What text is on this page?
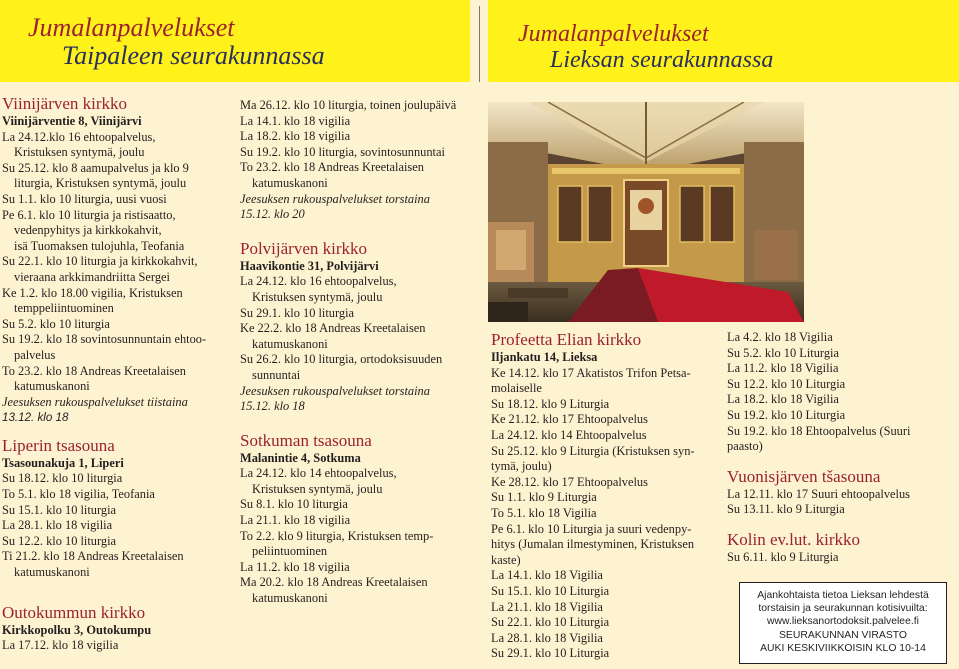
Jumalanpalvelukset
Taipaleen seurakunnassa
Jumalanpalvelukset
Lieksan seurakunnassa
Viinijärven kirkko
Viinijärventie 8, Viinijärvi
La 24.12.klo 16 ehtoopalvelus,
Kristuksen syntymä, joulu
Su 25.12. klo 8 aamupalvelus ja klo 9
liturgia, Kristuksen syntymä, joulu
Su 1.1. klo 10 liturgia, uusi vuosi
Pe 6.1. klo 10 liturgia ja ristisaatto,
vedenpyhitys ja kirkkokahvit,
isä Tuomaksen tulojuhla, Teofania
Su 22.1. klo 10 liturgia ja kirkkokahvit,
vieraana arkkimandriitta Sergei
Ke 1.2. klo 18.00 vigilia, Kristuksen
temppeliintuominen
Su 5.2. klo 10 liturgia
Su 19.2. klo 18 sovintosunnuntain ehtoo-
palvelus
To 23.2. klo 18 Andreas Kreetalaisen
katumuskanoni
Jeesuksen rukouspalvelukset tiistaina
13.12. klo 18
Liperin tsasouna
Tsasounakuja 1, Liperi
Su 18.12. klo 10 liturgia
To 5.1. klo 18 vigilia, Teofania
Su 15.1. klo 10 liturgia
La 28.1. klo 18 vigilia
Su 12.2. klo 10 liturgia
Ti 21.2. klo 18 Andreas Kreetalaisen
katumuskanoni
Outokummun kirkko
Kirkkopolku 3, Outokumpu
La 17.12. klo 18 vigilia
Ma 26.12. klo 10 liturgia, toinen joulupäivä
La 14.1. klo 18 vigilia
La 18.2. klo 18 vigilia
Su 19.2. klo 10 liturgia, sovintosunnuntai
To 23.2. klo 18 Andreas Kreetalaisen
katumuskanoni
Jeesuksen rukouspalvelukset torstaina
15.12. klo 20
Polvijärven kirkko
Haavikontie 31, Polvijärvi
La 24.12. klo 16 ehtoopalvelus,
Kristuksen syntymä, joulu
Su 29.1. klo 10 liturgia
Ke 22.2. klo 18 Andreas Kreetalaisen
katumuskanoni
Su 26.2. klo 10 liturgia, ortodoksisuuden
sunnuntai
Jeesuksen rukouspalvelukset torstaina
15.12. klo 18
Sotkuman tsasouna
Malanintie 4, Sotkuma
La 24.12. klo 14 ehtoopalvelus,
Kristuksen syntymä, joulu
Su 8.1. klo 10 liturgia
La 21.1. klo 18 vigilia
To 2.2. klo 9 liturgia, Kristuksen temp-
peliintuominen
La 11.2. klo 18 vigilia
Ma 20.2. klo 18 Andreas Kreetalaisen
katumuskanoni
Profeetta Elian kirkko
Iljankatu 14, Lieksa
Ke 14.12. klo 17 Akatistos Trifon Petsa-
molaiselle
Su 18.12. klo 9 Liturgia
Ke 21.12. klo 17 Ehtoopalvelus
La 24.12. klo 14 Ehtoopalvelus
Su 25.12. klo 9 Liturgia (Kristuksen syn-
tymä, joulu)
Ke 28.12. klo 17 Ehtoopalvelus
Su 1.1. klo 9 Liturgia
To 5.1. klo 18 Vigilia
Pe 6.1. klo 10 Liturgia ja suuri vedenpy-
hitys (Jumalan ilmestyminen, Kristuksen
kaste)
La 14.1. klo 18 Vigilia
Su 15.1. klo 10 Liturgia
La 21.1. klo 18 Vigilia
Su 22.1. klo 10 Liturgia
La 28.1. klo 18 Vigilia
Su 29.1. klo 10 Liturgia
La 4.2. klo 18 Vigilia
Su 5.2. klo 10 Liturgia
La 11.2. klo 18 Vigilia
Su 12.2. klo 10 Liturgia
La 18.2. klo 18 Vigilia
Su 19.2. klo 10 Liturgia
Su 19.2. klo 18 Ehtoopalvelus (Suuri
paasto)
Vuonisjärven tšasouna
La 12.11. klo 17 Suuri ehtoopalvelus
Su 13.11. klo 9 Liturgia
Kolin ev.lut. kirkko
Su 6.11. klo 9 Liturgia
Ajankohtaista tietoa Lieksan lehdestä
torstaisin ja seurakunnan kotisivuilta:
www.lieksanortodoksit.palvelee.fi
SEURAKUNNAN VIRASTO
AUKI KESKIVIIKKOISIN KLO 10-14
